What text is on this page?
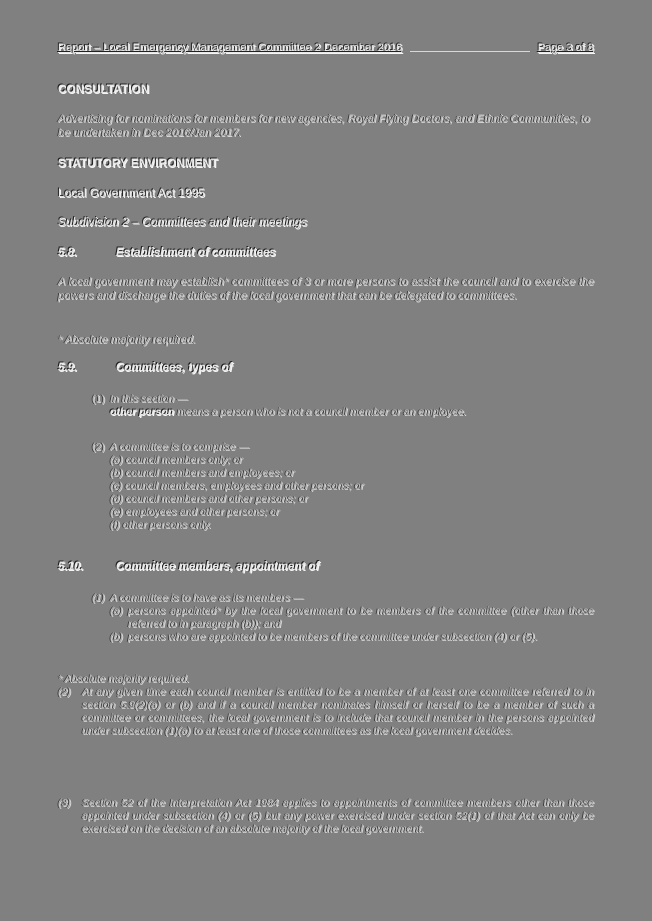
Report – Local Emergency Management Committee 2 December 2016	Page 3 of 8
CONSULTATION
Advertising for nominations for members for new agencies, Royal Flying Doctors, and Ethnic Communities, to be undertaken in Dec 2016/Jan 2017.
STATUTORY ENVIRONMENT
Local Government Act 1995
Subdivision 2 – Committees and their meetings
5.8.	Establishment of committees
A local government may establish* committees of 3 or more persons to assist the council and to exercise the powers and discharge the duties of the local government that can be delegated to committees.
* Absolute majority required.
5.9.	Committees, types of
(1) In this section —
other person means a person who is not a council member or an employee.
(2) A committee is to comprise —
(a) council members only; or
(b) council members and employees; or
(c) council members, employees and other persons; or
(d) council members and other persons; or
(e) employees and other persons; or
(f) other persons only.
5.10.	Committee members, appointment of
(1) A committee is to have as its members —
(a) persons appointed* by the local government to be members of the committee (other than those referred to in paragraph (b)); and
(b) persons who are appointed to be members of the committee under subsection (4) or (5).
* Absolute majority required.
(2)	At any given time each council member is entitled to be a member of at least one committee referred to in section 5.9(2)(a) or (b) and if a council member nominates himself or herself to be a member of such a committee or committees, the local government is to include that council member in the persons appointed under subsection (1)(a) to at least one of those committees as the local government decides.
(3)	Section 52 of the Interpretation Act 1984 applies to appointments of committee members other than those appointed under subsection (4) or (5) but any power exercised under section 52(1) of that Act can only be exercised on the decision of an absolute majority of the local government.
